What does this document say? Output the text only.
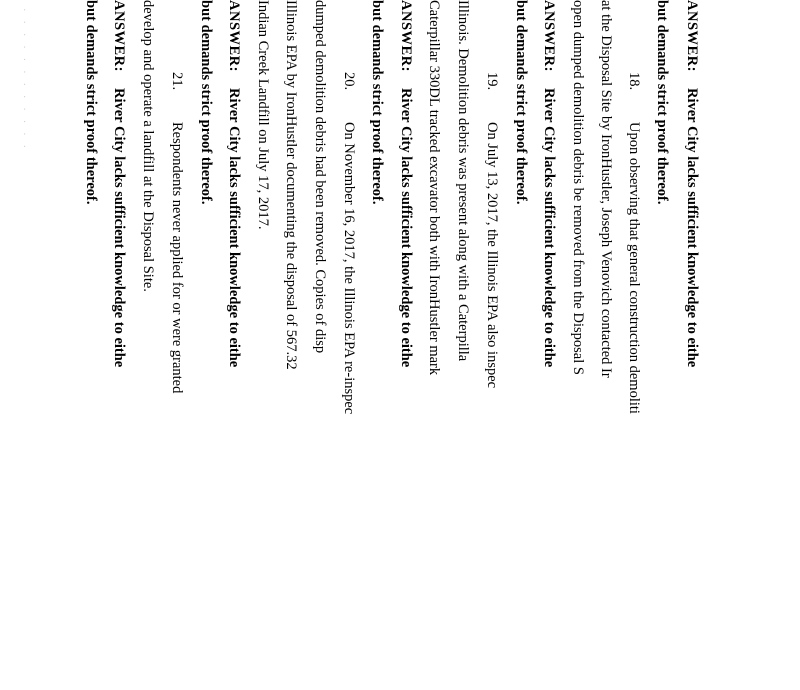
· · · · · · · · · · · ·	ANSWER:River City lacks sufficient knowledge to eithe
but demands strict proof thereof.
18.Upon observing that general construction demoliti
at the Disposal Site by IronHustler, Joseph Venovich contacted Ir
open dumped demolition debris be removed from the Disposal S
ANSWER:River City lacks sufficient knowledge to eithe
but demands strict proof thereof.
19.On July 13, 2017, the Illinois EPA also inspec
Illinois. Demolition debris was present along with a Caterpilla
Caterpillar 330DL tracked excavator both with IronHustler mark
ANSWER:River City lacks sufficient knowledge to eithe
but demands strict proof thereof.
20.On November 16, 2017, the Illinois EPA re-inspec
dumped demolition debris had been removed. Copies of disp
Illinois EPA by IronHustler documenting the disposal of 567.32
Indian Creek Landfill on July 17, 2017.
ANSWER:River City lacks sufficient knowledge to eithe
but demands strict proof thereof.
21.Respondents never applied for or were granted
develop and operate a landfill at the Disposal Site.
ANSWER:River City lacks sufficient knowledge to eithe
but demands strict proof thereof.
